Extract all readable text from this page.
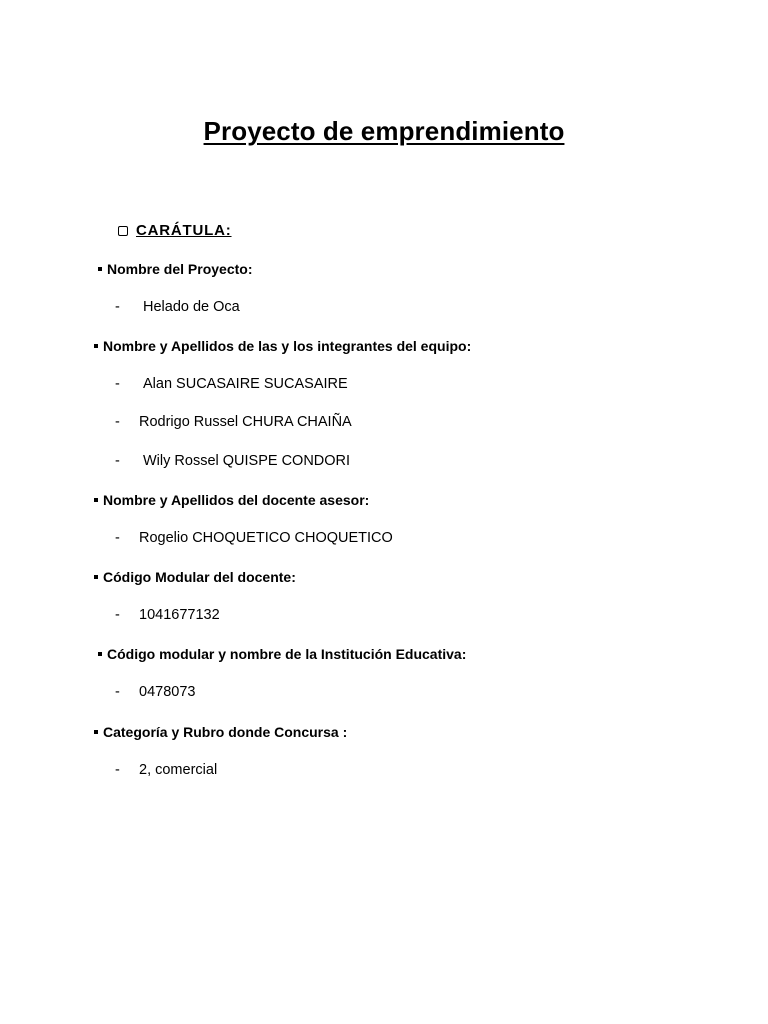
Proyecto de emprendimiento
CARÁTULA:
Nombre del Proyecto:
-	Helado de Oca
Nombre y Apellidos de las y los integrantes del equipo:
-	Alan SUCASAIRE SUCASAIRE
-	Rodrigo Russel CHURA CHAIÑA
-	Wily Rossel QUISPE CONDORI
Nombre y Apellidos del docente asesor:
-	Rogelio CHOQUETICO CHOQUETICO
Código Modular del docente:
-	1041677132
Código modular y nombre de la Institución Educativa:
-	0478073
Categoría y Rubro donde Concursa :
-	2, comercial
